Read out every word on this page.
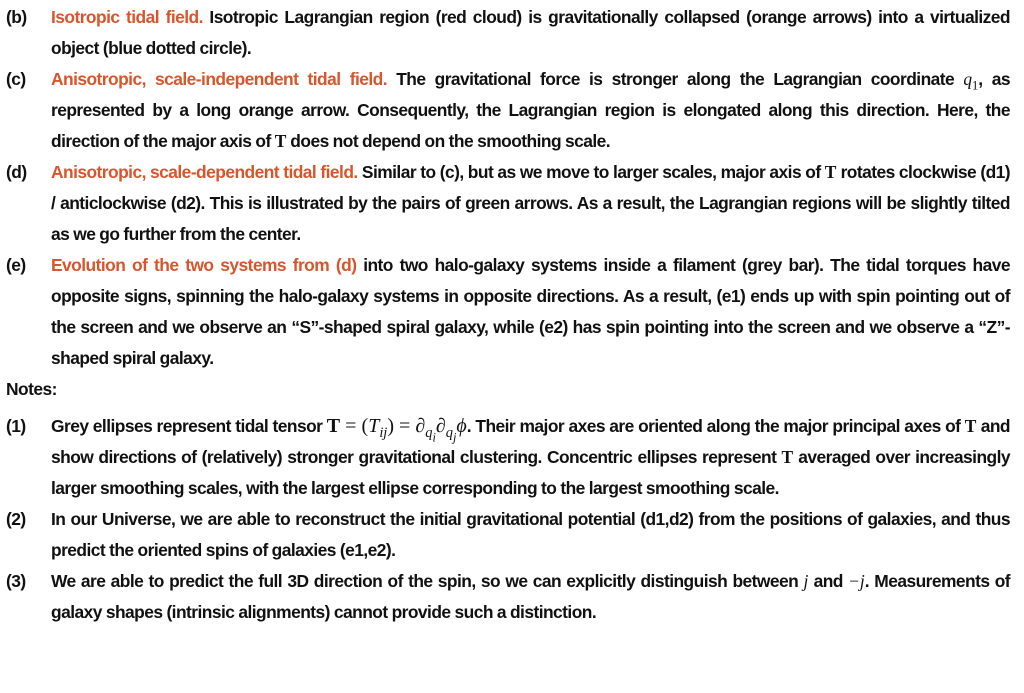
(b)	Isotropic tidal field. Isotropic Lagrangian region (red cloud) is gravitationally collapsed (orange arrows) into a virtualized object (blue dotted circle).
(c)	Anisotropic, scale-independent tidal field. The gravitational force is stronger along the Lagrangian coordinate $q_1$, as represented by a long orange arrow. Consequently, the Lagrangian region is elongated along this direction. Here, the direction of the major axis of T does not depend on the smoothing scale.
(d)	Anisotropic, scale-dependent tidal field. Similar to (c), but as we move to larger scales, major axis of T rotates clockwise (d1) / anticlockwise (d2). This is illustrated by the pairs of green arrows. As a result, the Lagrangian regions will be slightly tilted as we go further from the center.
(e)	Evolution of the two systems from (d) into two halo-galaxy systems inside a filament (grey bar). The tidal torques have opposite signs, spinning the halo-galaxy systems in opposite directions. As a result, (e1) ends up with spin pointing out of the screen and we observe an “S”-shaped spiral galaxy, while (e2) has spin pointing into the screen and we observe a “Z”-shaped spiral galaxy.
Notes:
(1)	Grey ellipses represent tidal tensor $T = (T_{ij}) = \partial_{q_i}\partial_{q_j}\phi$. Their major axes are oriented along the major principal axes of T and show directions of (relatively) stronger gravitational clustering. Concentric ellipses represent T averaged over increasingly larger smoothing scales, with the largest ellipse corresponding to the largest smoothing scale.
(2)	In our Universe, we are able to reconstruct the initial gravitational potential (d1,d2) from the positions of galaxies, and thus predict the oriented spins of galaxies (e1,e2).
(3)	We are able to predict the full 3D direction of the spin, so we can explicitly distinguish between j and −j. Measurements of galaxy shapes (intrinsic alignments) cannot provide such a distinction.
